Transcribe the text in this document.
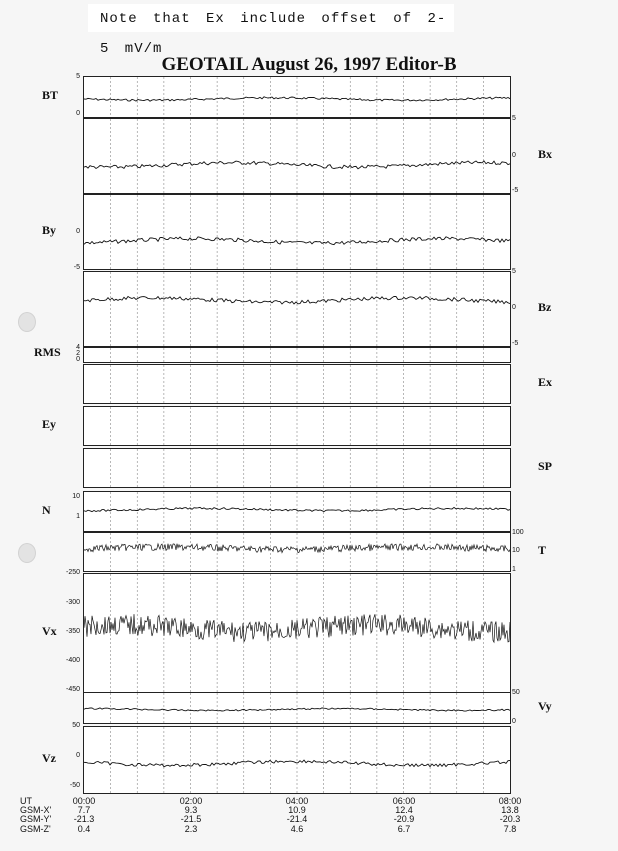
Note that Ex include offset of 2-5 mV/m
GEOTAIL August 26, 1997 Editor-B
UT
GSM-X'
GSM-Y'
GSM-Z'
00:00
7.7
-21.3
0.4
02:00
9.3
-21.5
2.3
04:00
10.9
-21.4
4.6
06:00
12.4
-20.9
6.7
08:00
13.8
-20.3
7.8
BT
5
0
Bx
5
0
-5
By	0
-5
Bz
5
0
-5
RMS 4
2
0
Ex
Ey
SP
N
10
1
T
100
10
1
Vx
-250
-300
-350
-400
-450
Vy
50
0
Vz
50
0
-50
